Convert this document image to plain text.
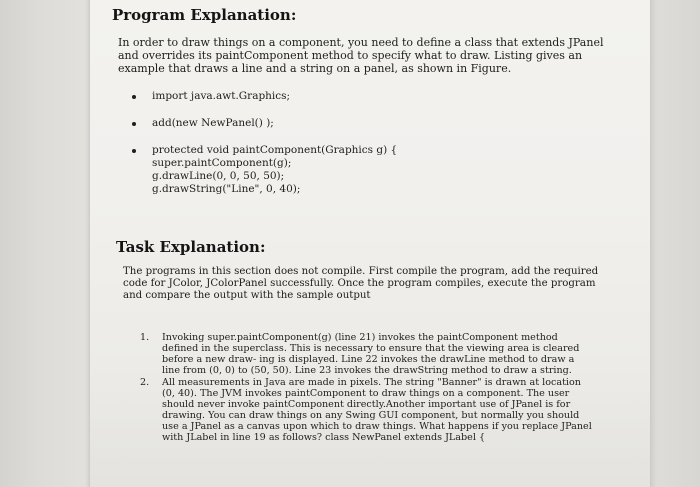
Program Explanation:

In order to draw things on a component, you need to define a class that extends JPanel and overrides its paintComponent method to specify what to draw. Listing gives an example that draws a line and a string on a panel, as shown in Figure.

import java.awt.Graphics;
add(new NewPanel() );
protected void paintComponent(Graphics g) {
super.paintComponent(g);
g.drawLine(0, 0, 50, 50);
g.drawString("Line", 0, 40);
Task Explanation:

The programs in this section does not compile. First compile the program, add the required code for JColor, JColorPanel successfully. Once the program compiles, execute the program and compare the output with the sample output

1. Invoking super.paintComponent(g) (line 21) invokes the paintComponent method defined in the superclass. This is necessary to ensure that the viewing area is cleared before a new draw- ing is displayed. Line 22 invokes the drawLine method to draw a line from (0, 0) to (50, 50). Line 23 invokes the drawString method to draw a string.
2. All measurements in Java are made in pixels. The string "Banner" is drawn at location (0, 40). The JVM invokes paintComponent to draw things on a component. The user should never invoke paintComponent directly.Another important use of JPanel is for drawing. You can draw things on any Swing GUI component, but normally you should use a JPanel as a canvas upon which to draw things. What happens if you replace JPanel with JLabel in line 19 as follows? class NewPanel extends JLabel {
